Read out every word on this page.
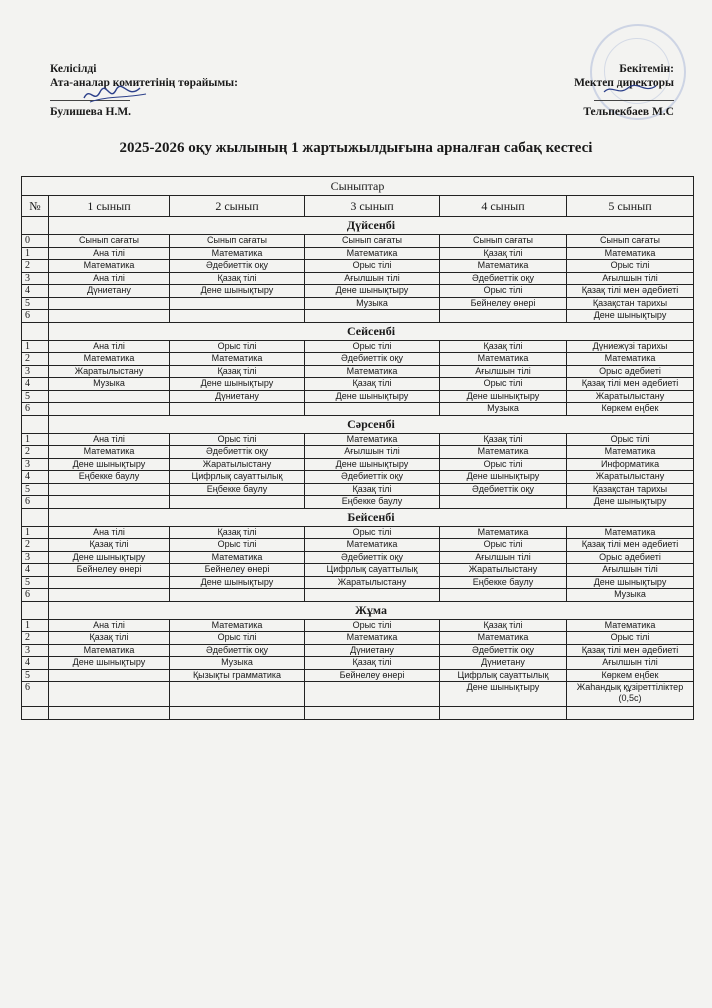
Келісілді
Ата-аналар комитетінің төрайымы:
Булишева Н.М.
Бекітемін:
Мектеп директоры
Тельпекбаев М.С
2025-2026 оқу жылының 1 жартыжылдығына арналған сабақ кестесі
Сыныптар					
№	1 сынып	2 сынып	3 сынып	4 сынып	5 сынып
	Дүйсенбі				
0	Сынып сағаты	Сынып сағаты	Сынып сағаты	Сынып сағаты	Сынып сағаты
1	Ана тілі	Математика	Математика	Қазақ тілі	Математика
2	Математика	Әдебиеттік оқу	Орыс тілі	Математика	Орыс тілі
3	Ана тілі	Қазақ тілі	Ағылшын тілі	Әдебиеттік оқу	Ағылшын тілі
4	Дүниетану	Дене шынықтыру	Дене шынықтыру	Орыс тілі	Қазақ тілі мен әдебиеті
5			Музыка	Бейнелеу өнері	Қазақстан тарихы
6					Дене шынықтыру
	Сейсенбі				
1	Ана тілі	Орыс тілі	Орыс тілі	Қазақ тілі	Дүниежүзі тарихы
2	Математика	Математика	Әдебиеттік оқу	Математика	Математика
3	Жаратылыстану	Қазақ тілі	Математика	Ағылшын тілі	Орыс әдебиеті
4	Музыка	Дене шынықтыру	Қазақ тілі	Орыс тілі	Қазақ тілі мен әдебиеті
5		Дүниетану	Дене шынықтыру	Дене шынықтыру	Жаратылыстану
6				Музыка	Көркем еңбек
	Сәрсенбі				
1	Ана тілі	Орыс тілі	Математика	Қазақ тілі	Орыс тілі
2	Математика	Әдебиеттік оқу	Ағылшын тілі	Математика	Математика
3	Дене шынықтыру	Жаратылыстану	Дене шынықтыру	Орыс тілі	Информатика
4	Еңбекке баулу	Цифрлық сауаттылық	Әдебиеттік оқу	Дене шынықтыру	Жаратылыстану
5		Еңбекке баулу	Қазақ тілі	Әдебиеттік оқу	Қазақстан тарихы
6			Еңбекке баулу		Дене шынықтыру
	Бейсенбі				
1	Ана тілі	Қазақ тілі	Орыс тілі	Математика	Математика
2	Қазақ тілі	Орыс тілі	Математика	Орыс тілі	Қазақ тілі мен әдебиеті
3	Дене шынықтыру	Математика	Әдебиеттік оқу	Ағылшын тілі	Орыс әдебиеті
4	Бейнелеу өнері	Бейнелеу өнері	Цифрлық сауаттылық	Жаратылыстану	Ағылшын тілі
5		Дене шынықтыру	Жаратылыстану	Еңбекке баулу	Дене шынықтыру
6					Музыка
	Жұма				
1	Ана тілі	Математика	Орыс тілі	Қазақ тілі	Математика
2	Қазақ тілі	Орыс тілі	Математика	Математика	Орыс тілі
3	Математика	Әдебиеттік оқу	Дүниетану	Әдебиеттік оқу	Қазақ тілі мен әдебиеті
4	Дене шынықтыру	Музыка	Қазақ тілі	Дүниетану	Ағылшын тілі
5		Қызықты грамматика	Бейнелеу өнері	Цифрлық сауаттылық	Көркем еңбек
6				Дене шынықтыру	Жаһандық құзіреттіліктер (0,5с)
